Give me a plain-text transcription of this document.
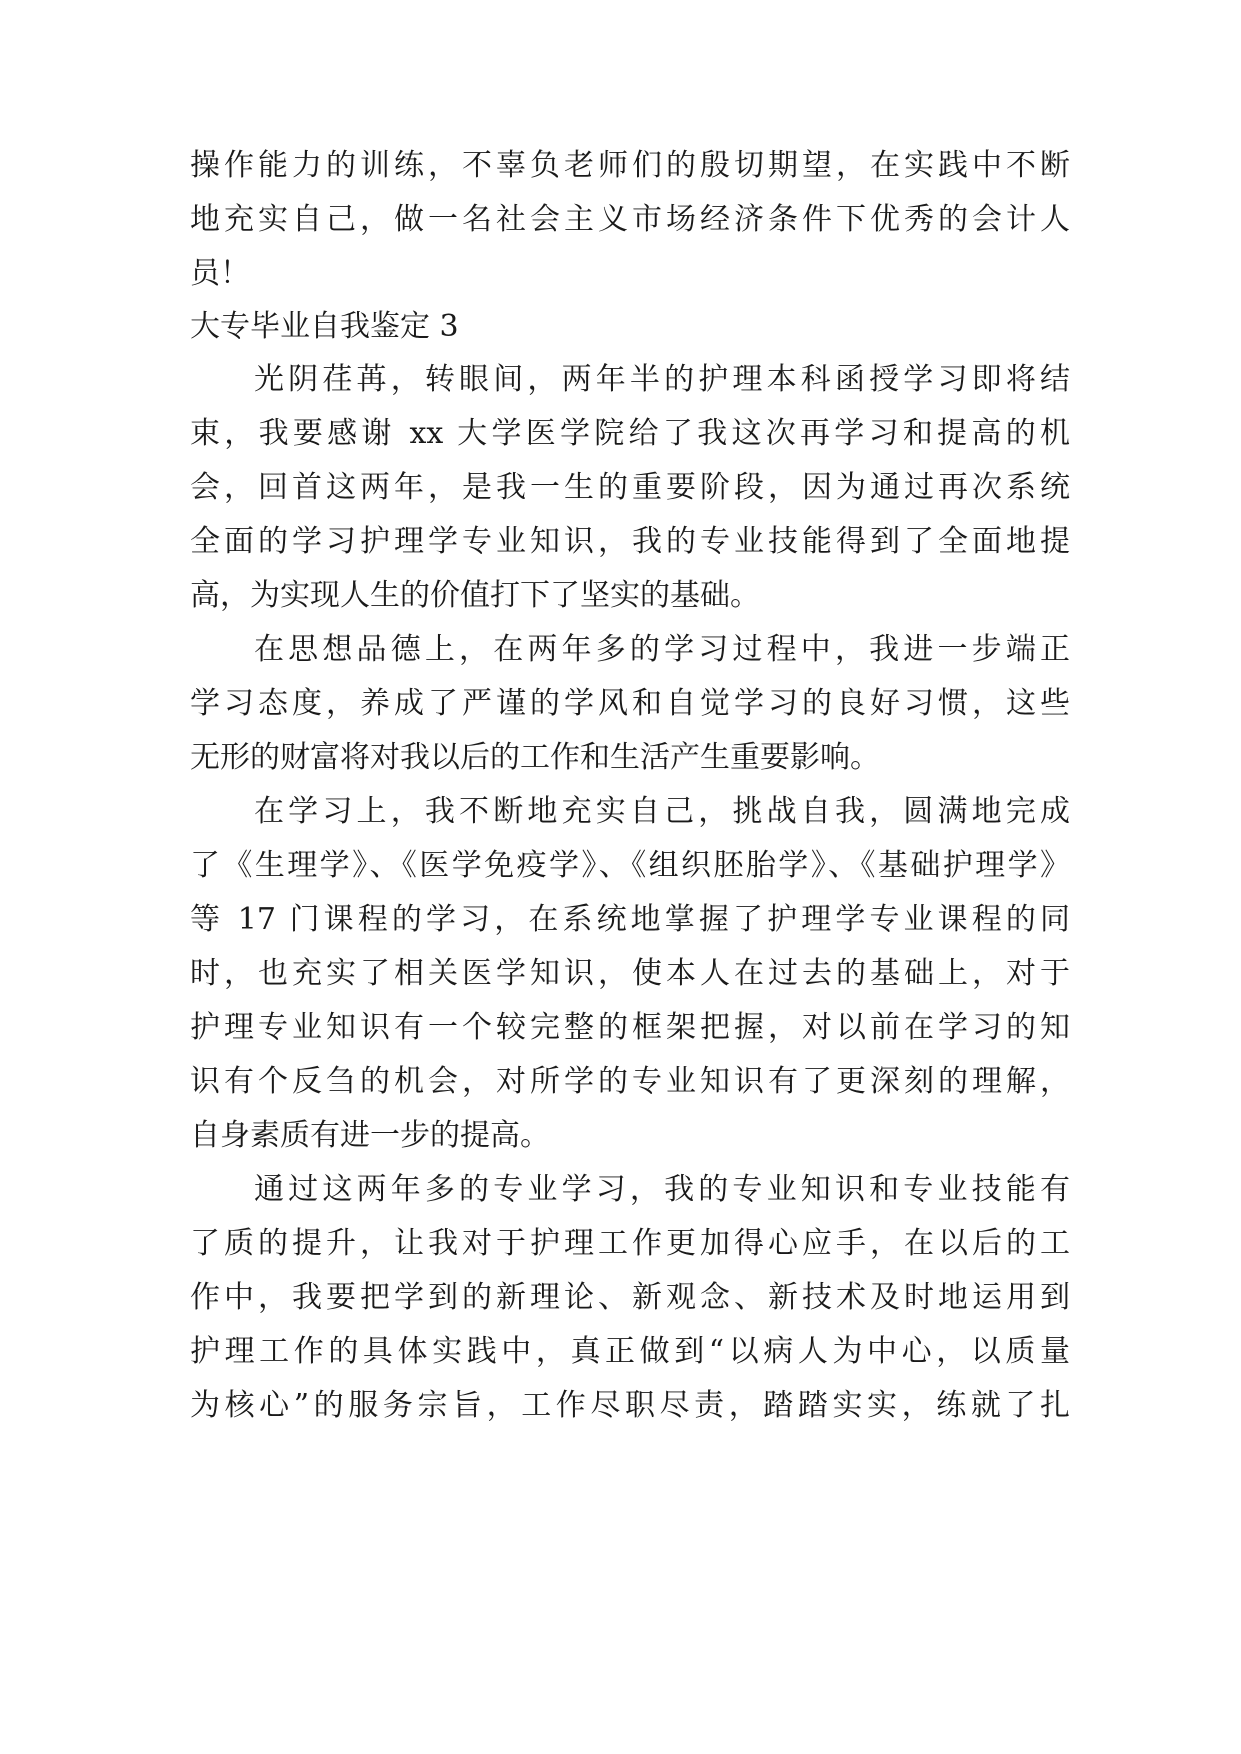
操作能力的训练，不辜负老师们的殷切期望，在实践中不断
地充实自己，做一名社会主义市场经济条件下优秀的会计人
员！
大专毕业自我鉴定 3
光阴荏苒，转眼间，两年半的护理本科函授学习即将结
束，我要感谢 xx 大学医学院给了我这次再学习和提高的机
会，回首这两年，是我一生的重要阶段，因为通过再次系统
全面的学习护理学专业知识，我的专业技能得到了全面地提
高，为实现人生的价值打下了坚实的基础。
在思想品德上，在两年多的学习过程中，我进一步端正
学习态度，养成了严谨的学风和自觉学习的良好习惯，这些
无形的财富将对我以后的工作和生活产生重要影响。
在学习上，我不断地充实自己，挑战自我，圆满地完成
了《生理学》、《医学免疫学》、《组织胚胎学》、《基础护理学》
等 17 门课程的学习，在系统地掌握了护理学专业课程的同
时，也充实了相关医学知识，使本人在过去的基础上，对于
护理专业知识有一个较完整的框架把握，对以前在学习的知
识有个反刍的机会，对所学的专业知识有了更深刻的理解，
自身素质有进一步的提高。
通过这两年多的专业学习，我的专业知识和专业技能有
了质的提升，让我对于护理工作更加得心应手，在以后的工
作中，我要把学到的新理论、新观念、新技术及时地运用到
护理工作的具体实践中，真正做到“以病人为中心，以质量
为核心”的服务宗旨，工作尽职尽责，踏踏实实，练就了扎
